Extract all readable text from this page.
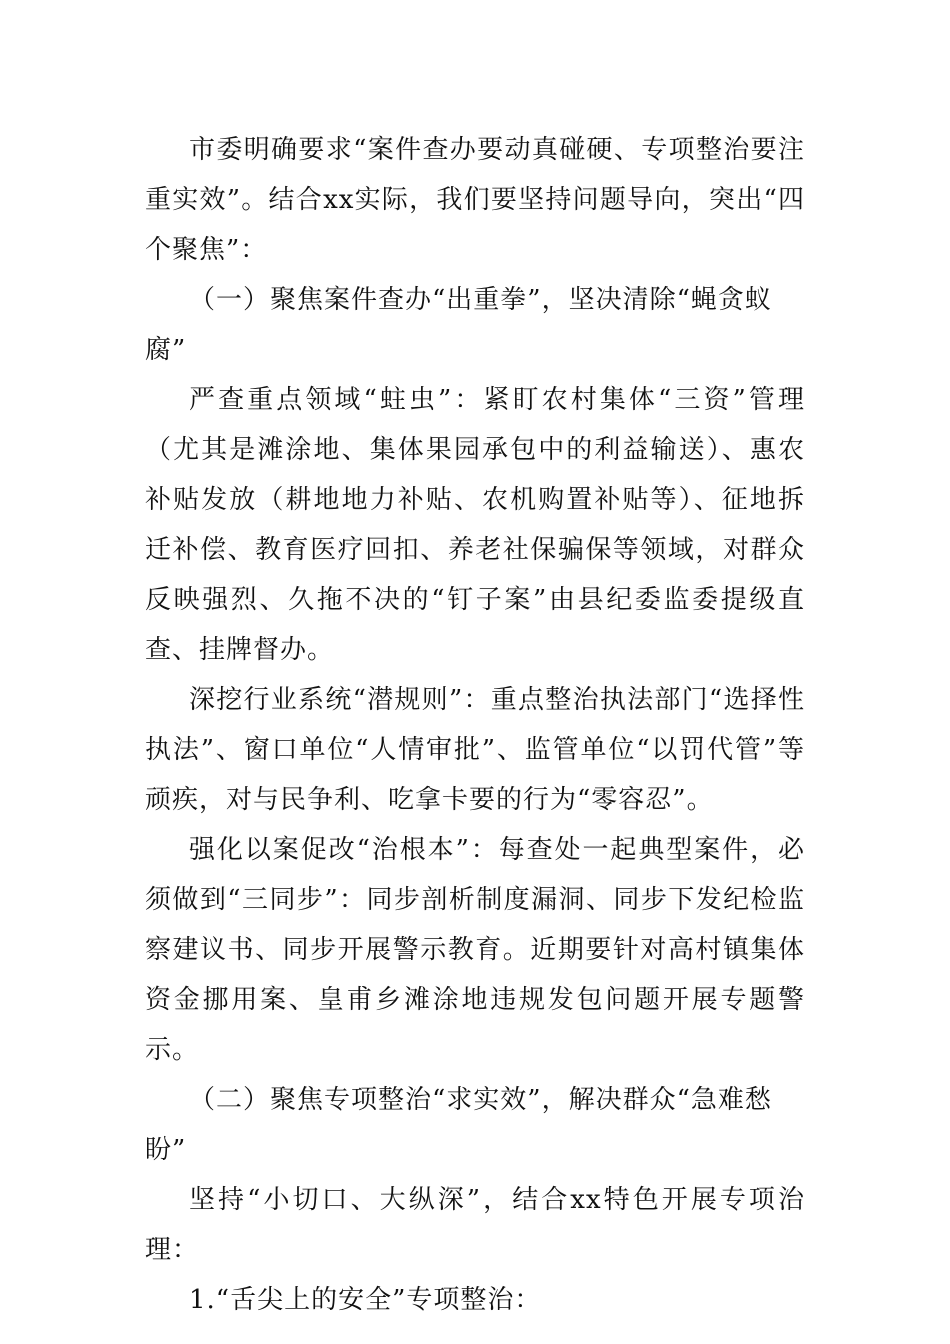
市委明确要求“案件查办要动真碰硬、专项整治要注重实效”。结合xx实际，我们要坚持问题导向，突出“四个聚焦”：

（一）聚焦案件查办“出重拳”，坚决清除“蝇贪蚁腐”

严查重点领域“蛀虫”：紧盯农村集体“三资”管理（尤其是滩涂地、集体果园承包中的利益输送）、惠农补贴发放（耕地地力补贴、农机购置补贴等）、征地拆迁补偿、教育医疗回扣、养老社保骗保等领域，对群众反映强烈、久拖不决的“钉子案”由县纪委监委提级直查、挂牌督办。

深挖行业系统“潜规则”：重点整治执法部门“选择性执法”、窗口单位“人情审批”、监管单位“以罚代管”等顽疾，对与民争利、吃拿卡要的行为“零容忍”。

强化以案促改“治根本”：每查处一起典型案件，必须做到“三同步”：同步剖析制度漏洞、同步下发纪检监察建议书、同步开展警示教育。近期要针对高村镇集体资金挪用案、皇甫乡滩涂地违规发包问题开展专题警示。

（二）聚焦专项整治“求实效”，解决群众“急难愁盼”

坚持“小切口、大纵深”，结合xx特色开展专项治理：

1.“舌尖上的安全”专项整治：
